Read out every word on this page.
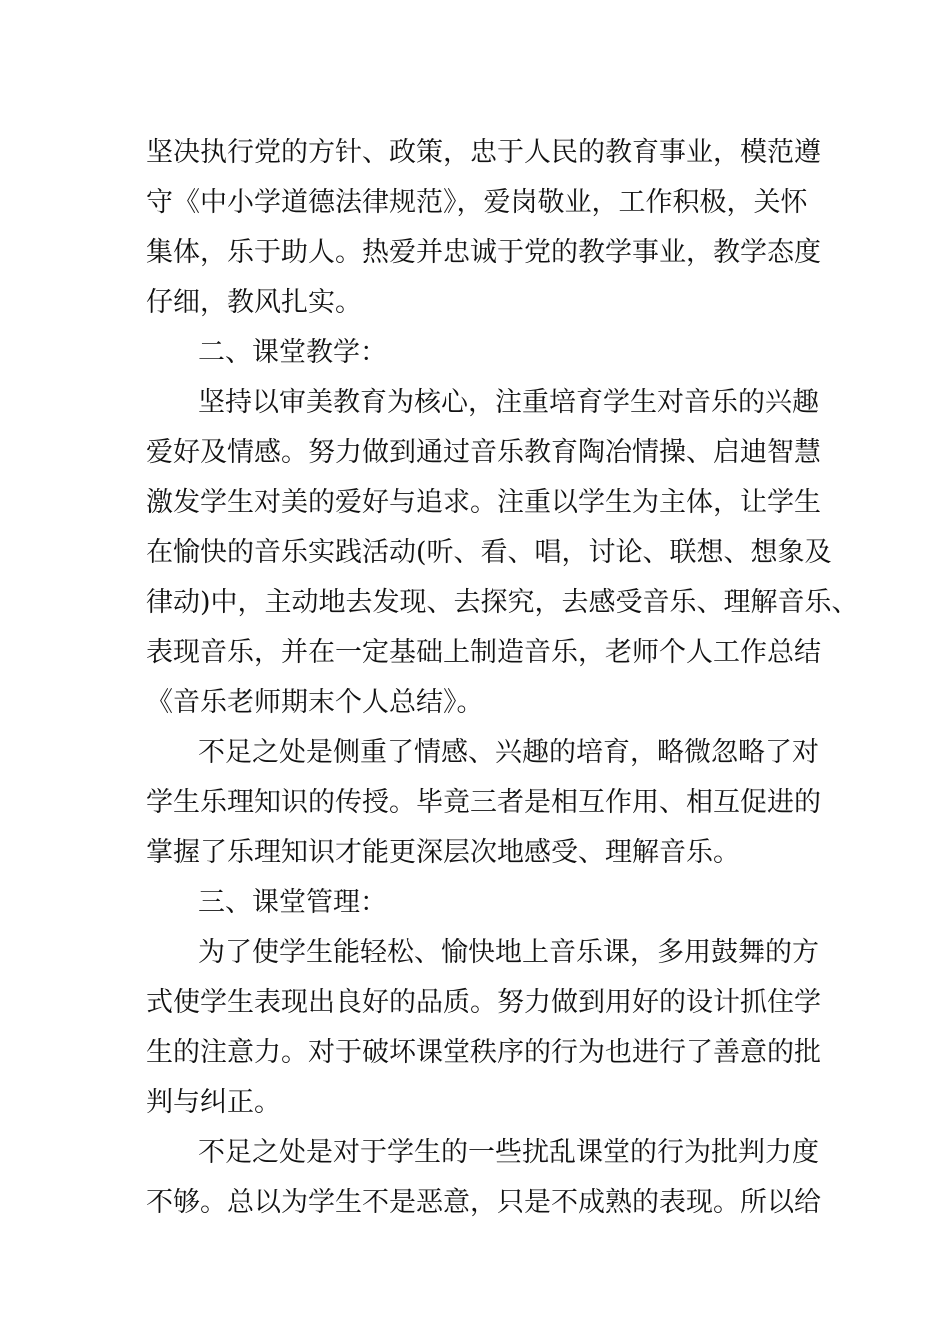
坚决执行党的方针、政策，忠于人民的教育事业，模范遵
守《中小学道德法律规范》，爱岗敬业，工作积极，关怀
集体，乐于助人。热爱并忠诚于党的教学事业，教学态度
仔细，教风扎实。
二、课堂教学：
坚持以审美教育为核心，注重培育学生对音乐的兴趣
爱好及情感。努力做到通过音乐教育陶冶情操、启迪智慧
激发学生对美的爱好与追求。注重以学生为主体，让学生
在愉快的音乐实践活动(听、看、唱，讨论、联想、想象及
律动)中，主动地去发现、去探究，去感受音乐、理解音乐、
表现音乐，并在一定基础上制造音乐，老师个人工作总结
《音乐老师期末个人总结》。
不足之处是侧重了情感、兴趣的培育，略微忽略了对
学生乐理知识的传授。毕竟三者是相互作用、相互促进的
掌握了乐理知识才能更深层次地感受、理解音乐。
三、课堂管理：
为了使学生能轻松、愉快地上音乐课，多用鼓舞的方
式使学生表现出良好的品质。努力做到用好的设计抓住学
生的注意力。对于破坏课堂秩序的行为也进行了善意的批
判与纠正。
不足之处是对于学生的一些扰乱课堂的行为批判力度
不够。总以为学生不是恶意，只是不成熟的表现。所以给
